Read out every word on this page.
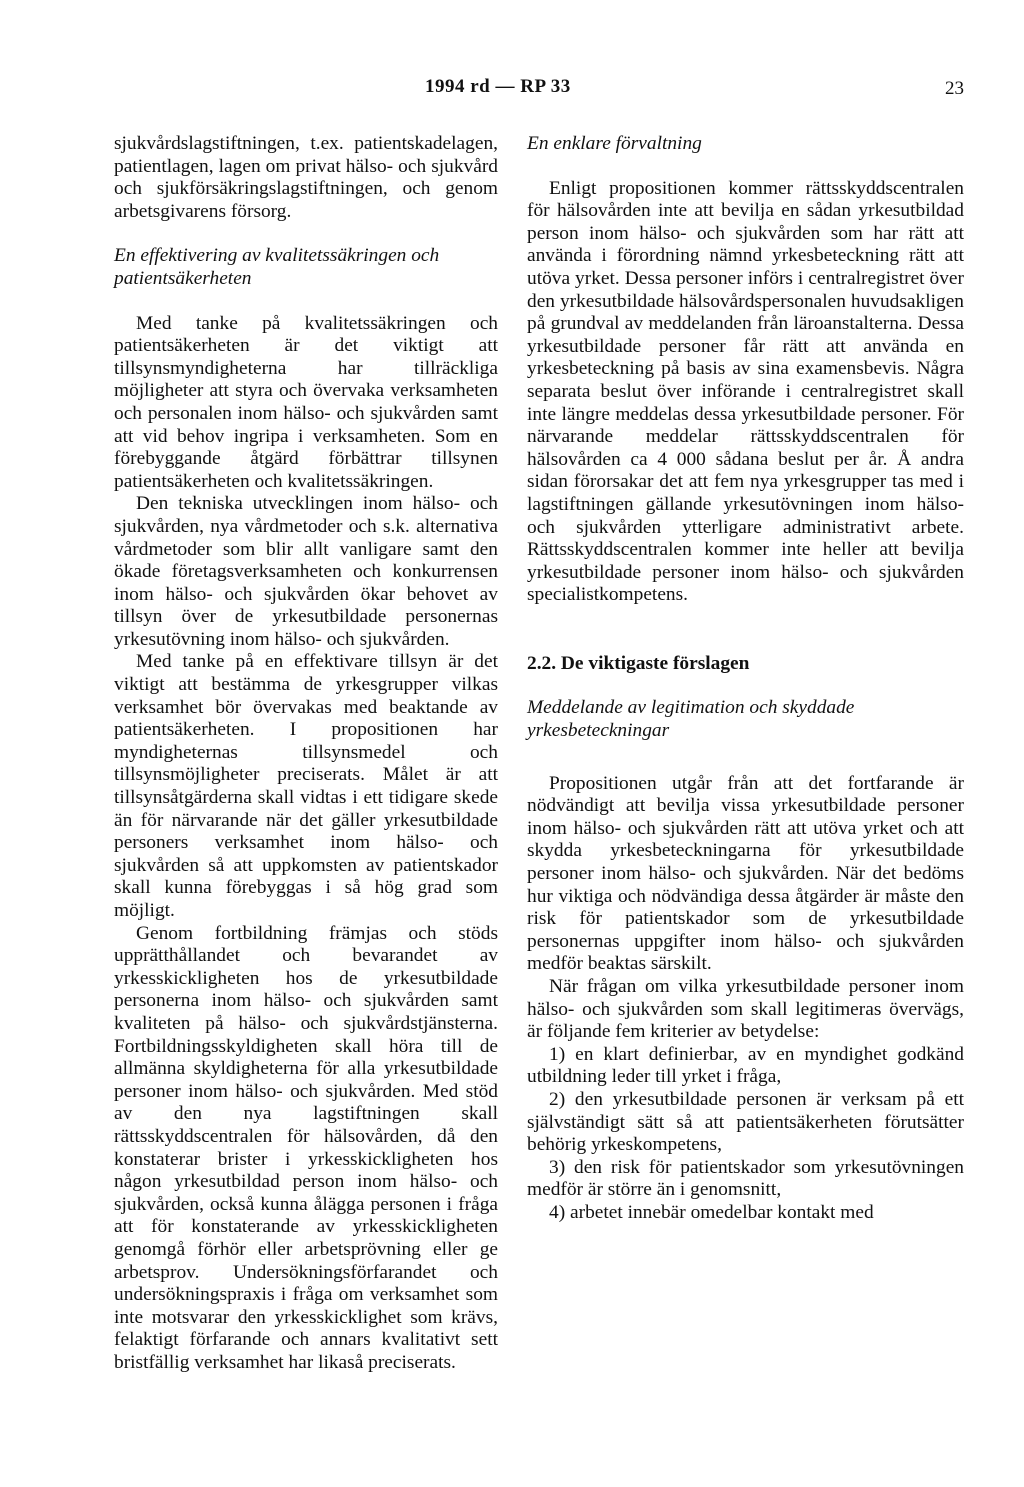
1994 rd — RP 33	23

sjukvårdslagstiftningen, t.ex. patientskadelagen, patientlagen, lagen om privat hälso- och sjukvård och sjukförsäkringslagstiftningen, och genom arbetsgivarens försorg.

En effektivering av kvalitetssäkringen och patientsäkerheten

Med tanke på kvalitetssäkringen och patientsäkerheten är det viktigt att tillsynsmyndigheterna har tillräckliga möjligheter att styra och övervaka verksamheten och personalen inom hälso- och sjukvården samt att vid behov ingripa i verksamheten. Som en förebyggande åtgärd förbättrar tillsynen patientsäkerheten och kvalitetssäkringen.

Den tekniska utvecklingen inom hälso- och sjukvården, nya vårdmetoder och s.k. alternativa vårdmetoder som blir allt vanligare samt den ökade företagsverksamheten och konkurrensen inom hälso- och sjukvården ökar behovet av tillsyn över de yrkesutbildade personernas yrkesutövning inom hälso- och sjukvården.

Med tanke på en effektivare tillsyn är det viktigt att bestämma de yrkesgrupper vilkas verksamhet bör övervakas med beaktande av patientsäkerheten. I propositionen har myndigheternas tillsynsmedel och tillsynsmöjligheter preciserats. Målet är att tillsynsåtgärderna skall vidtas i ett tidigare skede än för närvarande när det gäller yrkesutbildade personers verksamhet inom hälso- och sjukvården så att uppkomsten av patientskador skall kunna förebyggas i så hög grad som möjligt.

Genom fortbildning främjas och stöds upprätthållandet och bevarandet av yrkesskickligheten hos de yrkesutbildade personerna inom hälso- och sjukvården samt kvaliteten på hälso- och sjukvårdstjänsterna. Fortbildningsskyldigheten skall höra till de allmänna skyldigheterna för alla yrkesutbildade personer inom hälso- och sjukvården. Med stöd av den nya lagstiftningen skall rättsskyddscentralen för hälsovården, då den konstaterar brister i yrkesskickligheten hos någon yrkesutbildad person inom hälso- och sjukvården, också kunna ålägga personen i fråga att för konstaterande av yrkesskickligheten genomgå förhör eller arbetsprövning eller ge arbetsprov. Undersökningsförfarandet och undersökningspraxis i fråga om verksamhet som inte motsvarar den yrkesskicklighet som krävs, felaktigt förfarande och annars kvalitativt sett bristfällig verksamhet har likaså preciserats.

En enklare förvaltning

Enligt propositionen kommer rättsskyddscentralen för hälsovården inte att bevilja en sådan yrkesutbildad person inom hälso- och sjukvården som har rätt att använda i förordning nämnd yrkesbeteckning rätt att utöva yrket. Dessa personer införs i centralregistret över den yrkesutbildade hälsovårdspersonalen huvudsakligen på grundval av meddelanden från läroanstalterna. Dessa yrkesutbildade personer får rätt att använda en yrkesbeteckning på basis av sina examensbevis. Några separata beslut över införande i centralregistret skall inte längre meddelas dessa yrkesutbildade personer. För närvarande meddelar rättsskyddscentralen för hälsovården ca 4 000 sådana beslut per år. Å andra sidan förorsakar det att fem nya yrkesgrupper tas med i lagstiftningen gällande yrkesutövningen inom hälso- och sjukvården ytterligare administrativt arbete. Rättsskyddscentralen kommer inte heller att bevilja yrkesutbildade personer inom hälso- och sjukvården specialistkompetens.

2.2. De viktigaste förslagen
Meddelande av legitimation och skyddade yrkesbeteckningar

Propositionen utgår från att det fortfarande är nödvändigt att bevilja vissa yrkesutbildade personer inom hälso- och sjukvården rätt att utöva yrket och att skydda yrkesbeteckningarna för yrkesutbildade personer inom hälso- och sjukvården. När det bedöms hur viktiga och nödvändiga dessa åtgärder är måste den risk för patientskador som de yrkesutbildade personernas uppgifter inom hälso- och sjukvården medför beaktas särskilt.

När frågan om vilka yrkesutbildade personer inom hälso- och sjukvården som skall legitimeras övervägs, är följande fem kriterier av betydelse:

1) en klart definierbar, av en myndighet godkänd utbildning leder till yrket i fråga,

2) den yrkesutbildade personen är verksam på ett självständigt sätt så att patientsäkerheten förutsätter behörig yrkeskompetens,

3) den risk för patientskador som yrkesutövningen medför är större än i genomsnitt,

4) arbetet innebär omedelbar kontakt med
